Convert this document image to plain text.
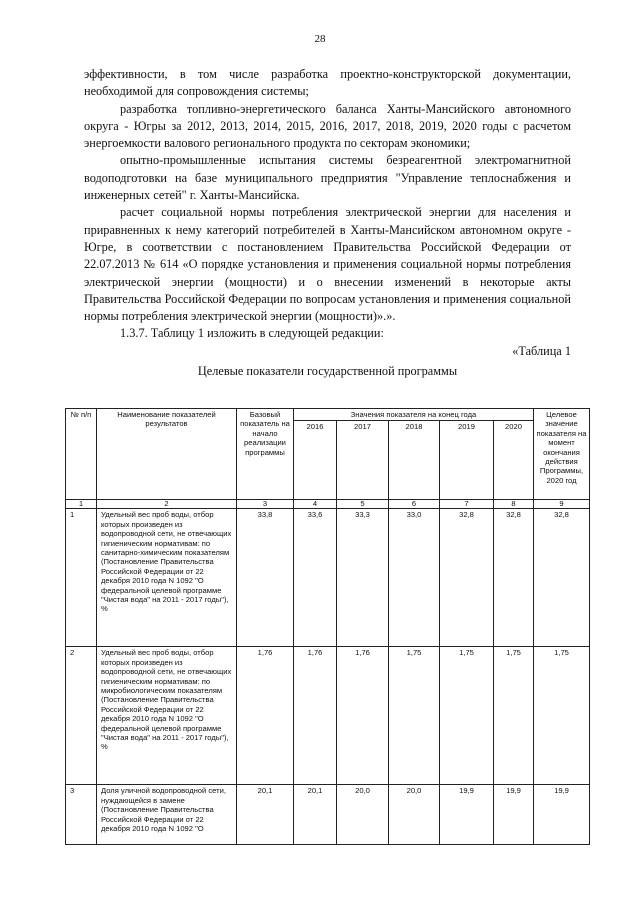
28

эффективности, в том числе разработка проектно-конструкторской документации, необходимой для сопровождения системы;

разработка топливно-энергетического баланса Ханты-Мансийского автономного округа - Югры за 2012, 2013, 2014, 2015, 2016, 2017, 2018, 2019, 2020 годы с расчетом энергоемкости валового регионального продукта по секторам экономики;

опытно-промышленные испытания системы безреагентной электромагнитной водоподготовки на базе муниципального предприятия "Управление теплоснабжения и инженерных сетей" г. Ханты-Мансийска.

расчет социальной нормы потребления электрической энергии для населения и приравненных к нему категорий потребителей в Ханты-Мансийском автономном округе - Югре, в соответствии с постановлением Правительства Российской Федерации от 22.07.2013 № 614 «О порядке установления и применения социальной нормы потребления электрической энергии (мощности) и о внесении изменений в некоторые акты Правительства Российской Федерации по вопросам установления и применения социальной нормы потребления электрической энергии (мощности)».».

1.3.7. Таблицу 1 изложить в следующей редакции:

«Таблица 1

Целевые показатели государственной программы

№ п/п	Наименование показателей результатов	Базовый показатель на начало реализации программы	Значения показателя на конец года					Целевое значение показателя на момент окончания действия Программы, 2020 год
			2016	2017	2018	2019	2020	
1	2	3	4	5	6	7	8	9
1	Удельный вес проб воды, отбор которых произведен из водопроводной сети, не отвечающих гигиеническим нормативам: по санитарно-химическим показателям (Постановление Правительства Российской Федерации от 22 декабря 2010 года N 1092 "О федеральной целевой программе "Чистая вода" на 2011 - 2017 годы"), %	33,8	33,6	33,3	33,0	32,8	32,8	32,8
2	Удельный вес проб воды, отбор которых произведен из водопроводной сети, не отвечающих гигиеническим нормативам: по микробиологическим показателям (Постановление Правительства Российской Федерации от 22 декабря 2010 года N 1092 "О федеральной целевой программе "Чистая вода" на 2011 - 2017 годы"), %	1,76	1,76	1,76	1,75	1,75	1,75	1,75
3	Доля уличной водопроводной сети, нуждающейся в замене (Постановление Правительства Российской Федерации от 22 декабря 2010 года N 1092 "О	20,1	20,1	20,0	20,0	19,9	19,9	19,9
